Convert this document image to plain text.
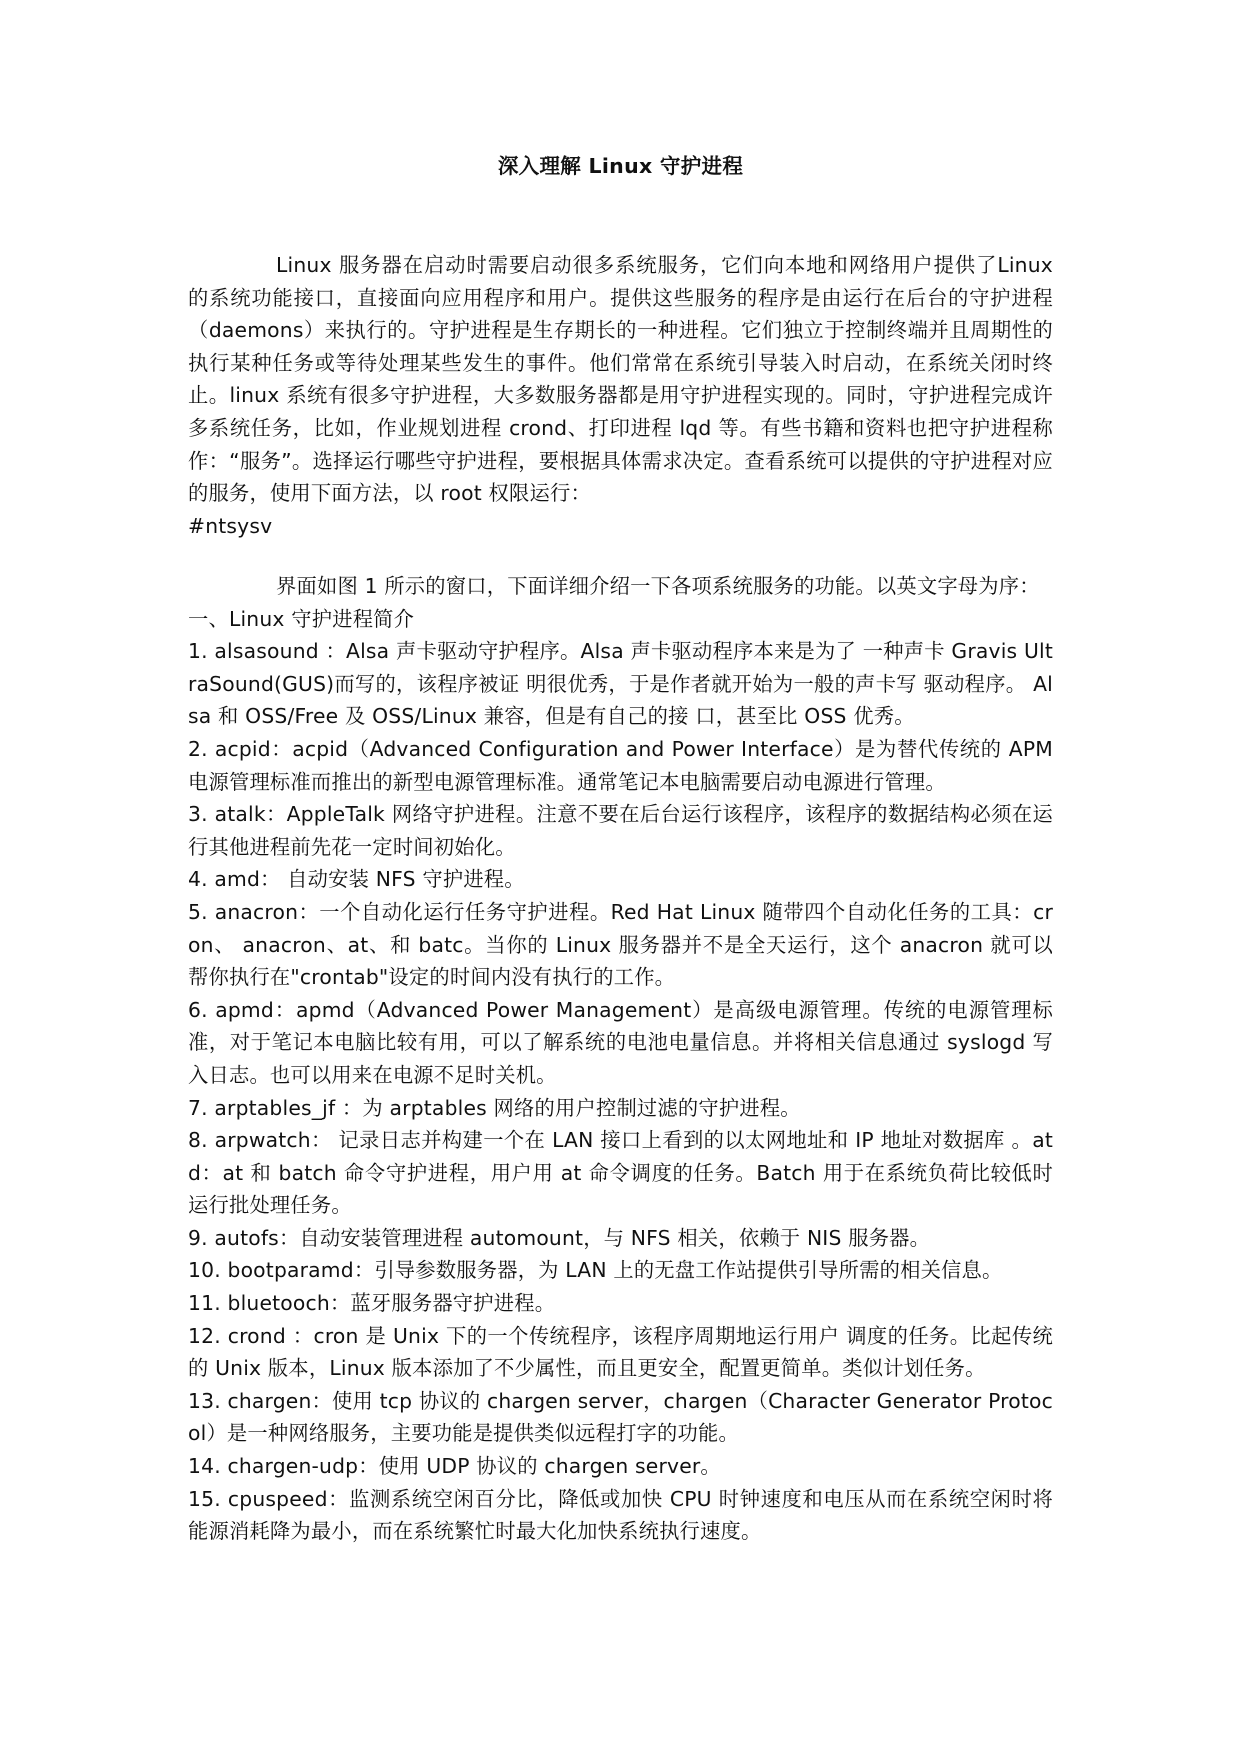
深入理解 Linux 守护进程

Linux 服务器在启动时需要启动很多系统服务，它们向本地和网络用户提供了Linux 的系统功能接口，直接面向应用程序和用户。提供这些服务的程序是由运行在后台的守护进程（daemons）来执行的。守护进程是生存期长的一种进程。它们独立于控制终端并且周期性的执行某种任务或等待处理某些发生的事件。他们常常在系统引导装入时启动，在系统关闭时终止。linux 系统有很多守护进程，大多数服务器都是用守护进程实现的。同时，守护进程完成许多系统任务，比如，作业规划进程 crond、打印进程 lqd 等。有些书籍和资料也把守护进程称作：“服务”。选择运行哪些守护进程，要根据具体需求决定。查看系统可以提供的守护进程对应的服务，使用下面方法，以 root 权限运行：

#ntsysv

界面如图 1 所示的窗口，下面详细介绍一下各项系统服务的功能。以英文字母为序：

一、Linux 守护进程简介

1. alsasound ：Alsa 声卡驱动守护程序。Alsa 声卡驱动程序本来是为了 一种声卡 Gravis UltraSound(GUS)而写的，该程序被证 明很优秀，于是作者就开始为一般的声卡写 驱动程序。 Alsa 和 OSS/Free 及 OSS/Linux 兼容，但是有自己的接 口，甚至比 OSS 优秀。

2. acpid：acpid（Advanced Configuration and Power Interface）是为替代传统的 APM 电源管理标准而推出的新型电源管理标准。通常笔记本电脑需要启动电源进行管理。

3. atalk：AppleTalk 网络守护进程。注意不要在后台运行该程序，该程序的数据结构必须在运行其他进程前先花一定时间初始化。

4. amd： 自动安装 NFS 守护进程。

5. anacron：一个自动化运行任务守护进程。Red Hat Linux 随带四个自动化任务的工具：cron、 anacron、at、和 batc。当你的 Linux 服务器并不是全天运行，这个 anacron 就可以帮你执行在"crontab"设定的时间内没有执行的工作。

6. apmd：apmd（Advanced Power Management）是高级电源管理。传统的电源管理标准，对于笔记本电脑比较有用，可以了解系统的电池电量信息。并将相关信息通过 syslogd 写入日志。也可以用来在电源不足时关机。

7. arptables_jf ：为 arptables 网络的用户控制过滤的守护进程。

8. arpwatch： 记录日志并构建一个在 LAN 接口上看到的以太网地址和 IP 地址对数据库 。atd：at 和 batch 命令守护进程，用户用 at 命令调度的任务。Batch 用于在系统负荷比较低时 运行批处理任务。

9. autofs：自动安装管理进程 automount，与 NFS 相关，依赖于 NIS 服务器。

10. bootparamd：引导参数服务器，为 LAN 上的无盘工作站提供引导所需的相关信息。

11. bluetooch：蓝牙服务器守护进程。

12. crond ：cron 是 Unix 下的一个传统程序，该程序周期地运行用户 调度的任务。比起传统的 Unix 版本，Linux 版本添加了不少属性，而且更安全，配置更简单。类似计划任务。

13. chargen：使用 tcp 协议的 chargen server，chargen（Character Generator Protocol）是一种网络服务，主要功能是提供类似远程打字的功能。

14. chargen-udp：使用 UDP 协议的 chargen server。

15. cpuspeed：监测系统空闲百分比，降低或加快 CPU 时钟速度和电压从而在系统空闲时将能源消耗降为最小，而在系统繁忙时最大化加快系统执行速度。
